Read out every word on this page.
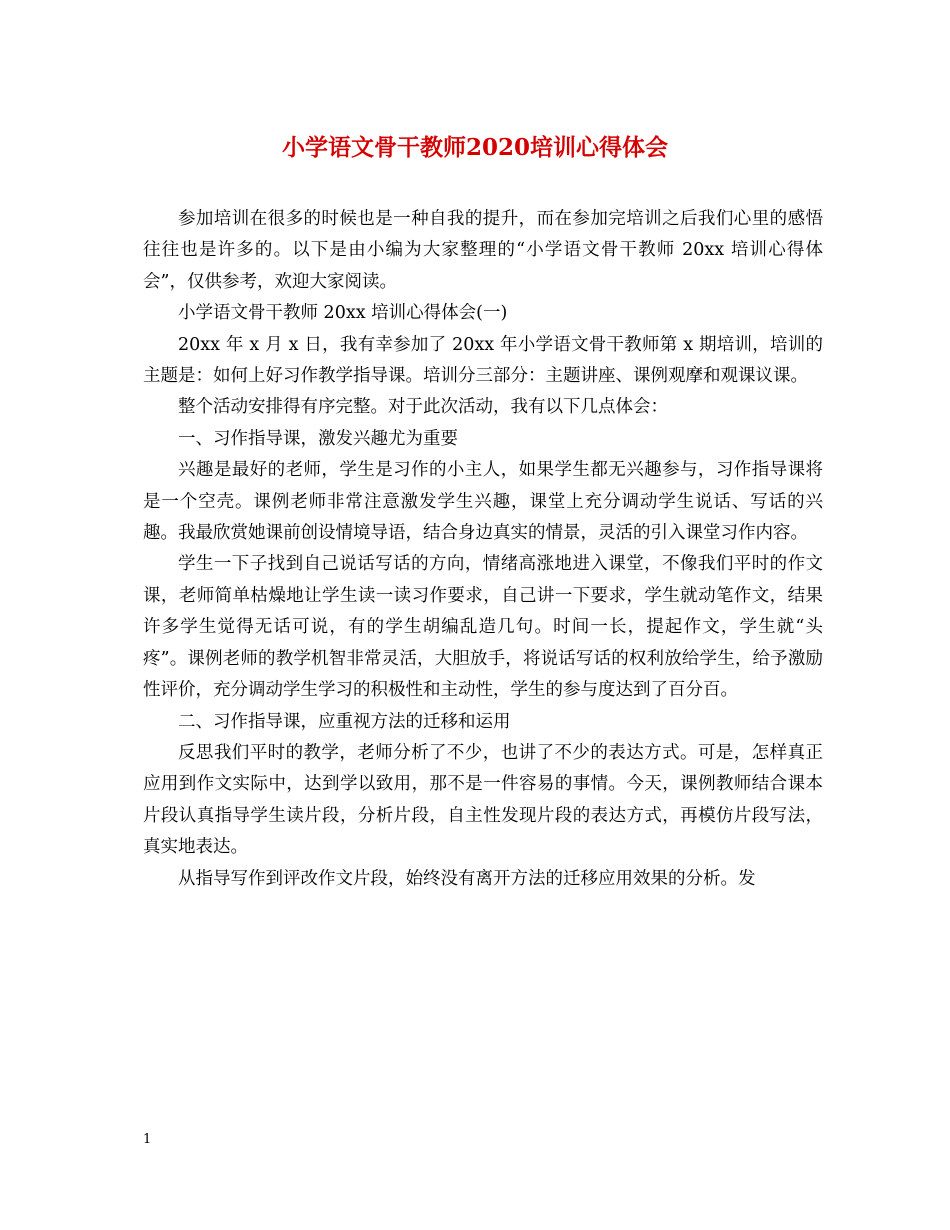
小学语文骨干教师2020培训心得体会

参加培训在很多的时候也是一种自我的提升，而在参加完培训之后我们心里的感悟往往也是许多的。以下是由小编为大家整理的“小学语文骨干教师 20xx 培训心得体会”，仅供参考，欢迎大家阅读。

小学语文骨干教师 20xx 培训心得体会(一)

20xx 年 x 月 x 日，我有幸参加了 20xx 年小学语文骨干教师第 x 期培训，培训的主题是：如何上好习作教学指导课。培训分三部分：主题讲座、课例观摩和观课议课。

整个活动安排得有序完整。对于此次活动，我有以下几点体会：

一、习作指导课，激发兴趣尤为重要

兴趣是最好的老师，学生是习作的小主人，如果学生都无兴趣参与，习作指导课将是一个空壳。课例老师非常注意激发学生兴趣，课堂上充分调动学生说话、写话的兴趣。我最欣赏她课前创设情境导语，结合身边真实的情景，灵活的引入课堂习作内容。

学生一下子找到自己说话写话的方向，情绪高涨地进入课堂，不像我们平时的作文课，老师简单枯燥地让学生读一读习作要求，自己讲一下要求，学生就动笔作文，结果许多学生觉得无话可说，有的学生胡编乱造几句。时间一长，提起作文，学生就“头疼”。课例老师的教学机智非常灵活，大胆放手，将说话写话的权利放给学生，给予激励性评价，充分调动学生学习的积极性和主动性，学生的参与度达到了百分百。

二、习作指导课，应重视方法的迁移和运用

反思我们平时的教学，老师分析了不少，也讲了不少的表达方式。可是，怎样真正应用到作文实际中，达到学以致用，那不是一件容易的事情。今天，课例教师结合课本片段认真指导学生读片段，分析片段，自主性发现片段的表达方式，再模仿片段写法，真实地表达。

从指导写作到评改作文片段，始终没有离开方法的迁移应用效果的分析。发

1
